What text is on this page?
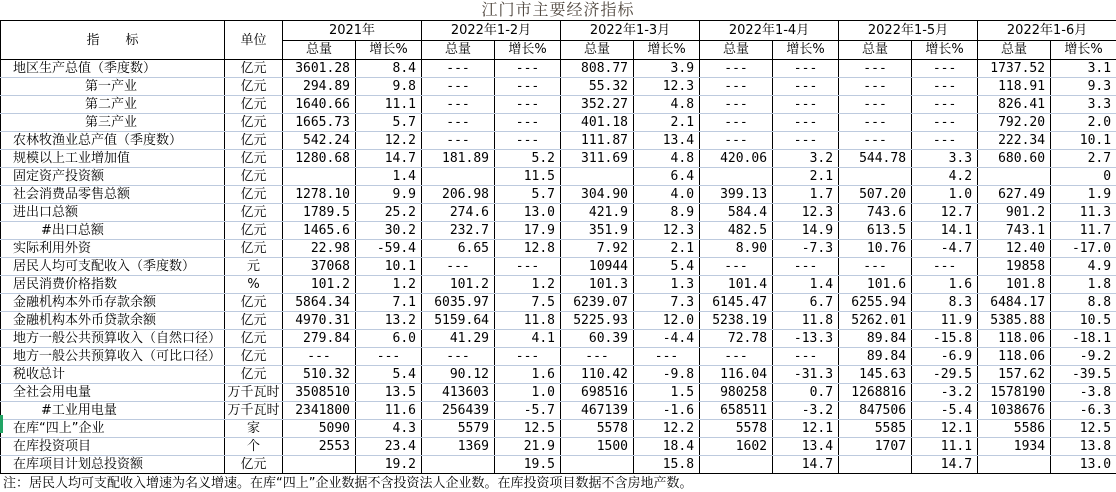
江门市主要经济指标
指　　标	单位	2021年		2022年1-2月		2022年1-3月		2022年1-4月		2022年1-5月		2022年1-6月	
		总量	增长%	总量	增长%	总量	增长%	总量	增长%	总量	增长%	总量	增长%
地区生产总值（季度数）	亿元	3601.28	8.4	---	---	808.77	3.9	---	---	---	---	1737.52	3.1
第一产业	亿元	294.89	9.8	---	---	55.32	12.3	---	---	---	---	118.91	9.3
第二产业	亿元	1640.66	11.1	---	---	352.27	4.8	---	---	---	---	826.41	3.3
第三产业	亿元	1665.73	5.7	---	---	401.18	2.1	---	---	---	---	792.20	2.0
农林牧渔业总产值（季度数）	亿元	542.24	12.2	---	---	111.87	13.4	---	---	---	---	222.34	10.1
规模以上工业增加值	亿元	1280.68	14.7	181.89	5.2	311.69	4.8	420.06	3.2	544.78	3.3	680.60	2.7
固定资产投资额	亿元		1.4		11.5		6.4		2.1		4.2		0
社会消费品零售总额	亿元	1278.10	9.9	206.98	5.7	304.90	4.0	399.13	1.7	507.20	1.0	627.49	1.9
进出口总额	亿元	1789.5	25.2	274.6	13.0	421.9	8.9	584.4	12.3	743.6	12.7	901.2	11.3
#出口总额	亿元	1465.6	30.2	232.7	17.9	351.9	12.3	482.5	14.9	613.5	14.1	743.1	11.7
实际利用外资	亿元	22.98	-59.4	6.65	12.8	7.92	2.1	8.90	-7.3	10.76	-4.7	12.40	-17.0
居民人均可支配收入（季度数）	元	37068	10.1	---	---	10944	5.4	---	---	---	---	19858	4.9
居民消费价格指数	%	101.2	1.2	101.2	1.2	101.3	1.3	101.4	1.4	101.6	1.6	101.8	1.8
金融机构本外币存款余额	亿元	5864.34	7.1	6035.97	7.5	6239.07	7.3	6145.47	6.7	6255.94	8.3	6484.17	8.8
金融机构本外币贷款余额	亿元	4970.31	13.2	5159.64	11.8	5225.93	12.0	5238.19	11.8	5262.01	11.9	5385.88	10.5
地方一般公共预算收入（自然口径）	亿元	279.84	6.0	41.29	4.1	60.39	-4.4	72.78	-13.3	89.84	-15.8	118.06	-18.1
地方一般公共预算收入（可比口径）	亿元	---	---	---	---	---	---	---	---	89.84	-6.9	118.06	-9.2
税收总计	亿元	510.32	5.4	90.12	1.6	110.42	-9.8	116.04	-31.3	145.63	-29.5	157.62	-39.5
全社会用电量	万千瓦时	3508510	13.5	413603	1.0	698516	1.5	980258	0.7	1268816	-3.2	1578190	-3.8
#工业用电量	万千瓦时	2341800	11.6	256439	-5.7	467139	-1.6	658511	-3.2	847506	-5.4	1038676	-6.3
在库“四上”企业	家	5090	4.3	5579	12.5	5578	12.2	5578	12.1	5585	12.1	5586	12.5
在库投资项目	个	2553	23.4	1369	21.9	1500	18.4	1602	13.4	1707	11.1	1934	13.8
在库项目计划总投资额	亿元		19.2		19.5		15.8		14.7		14.7		13.0
注：居民人均可支配收入增速为名义增速。在库“四上”企业数据不含投资法人企业数。在库投资项目数据不含房地产数。
